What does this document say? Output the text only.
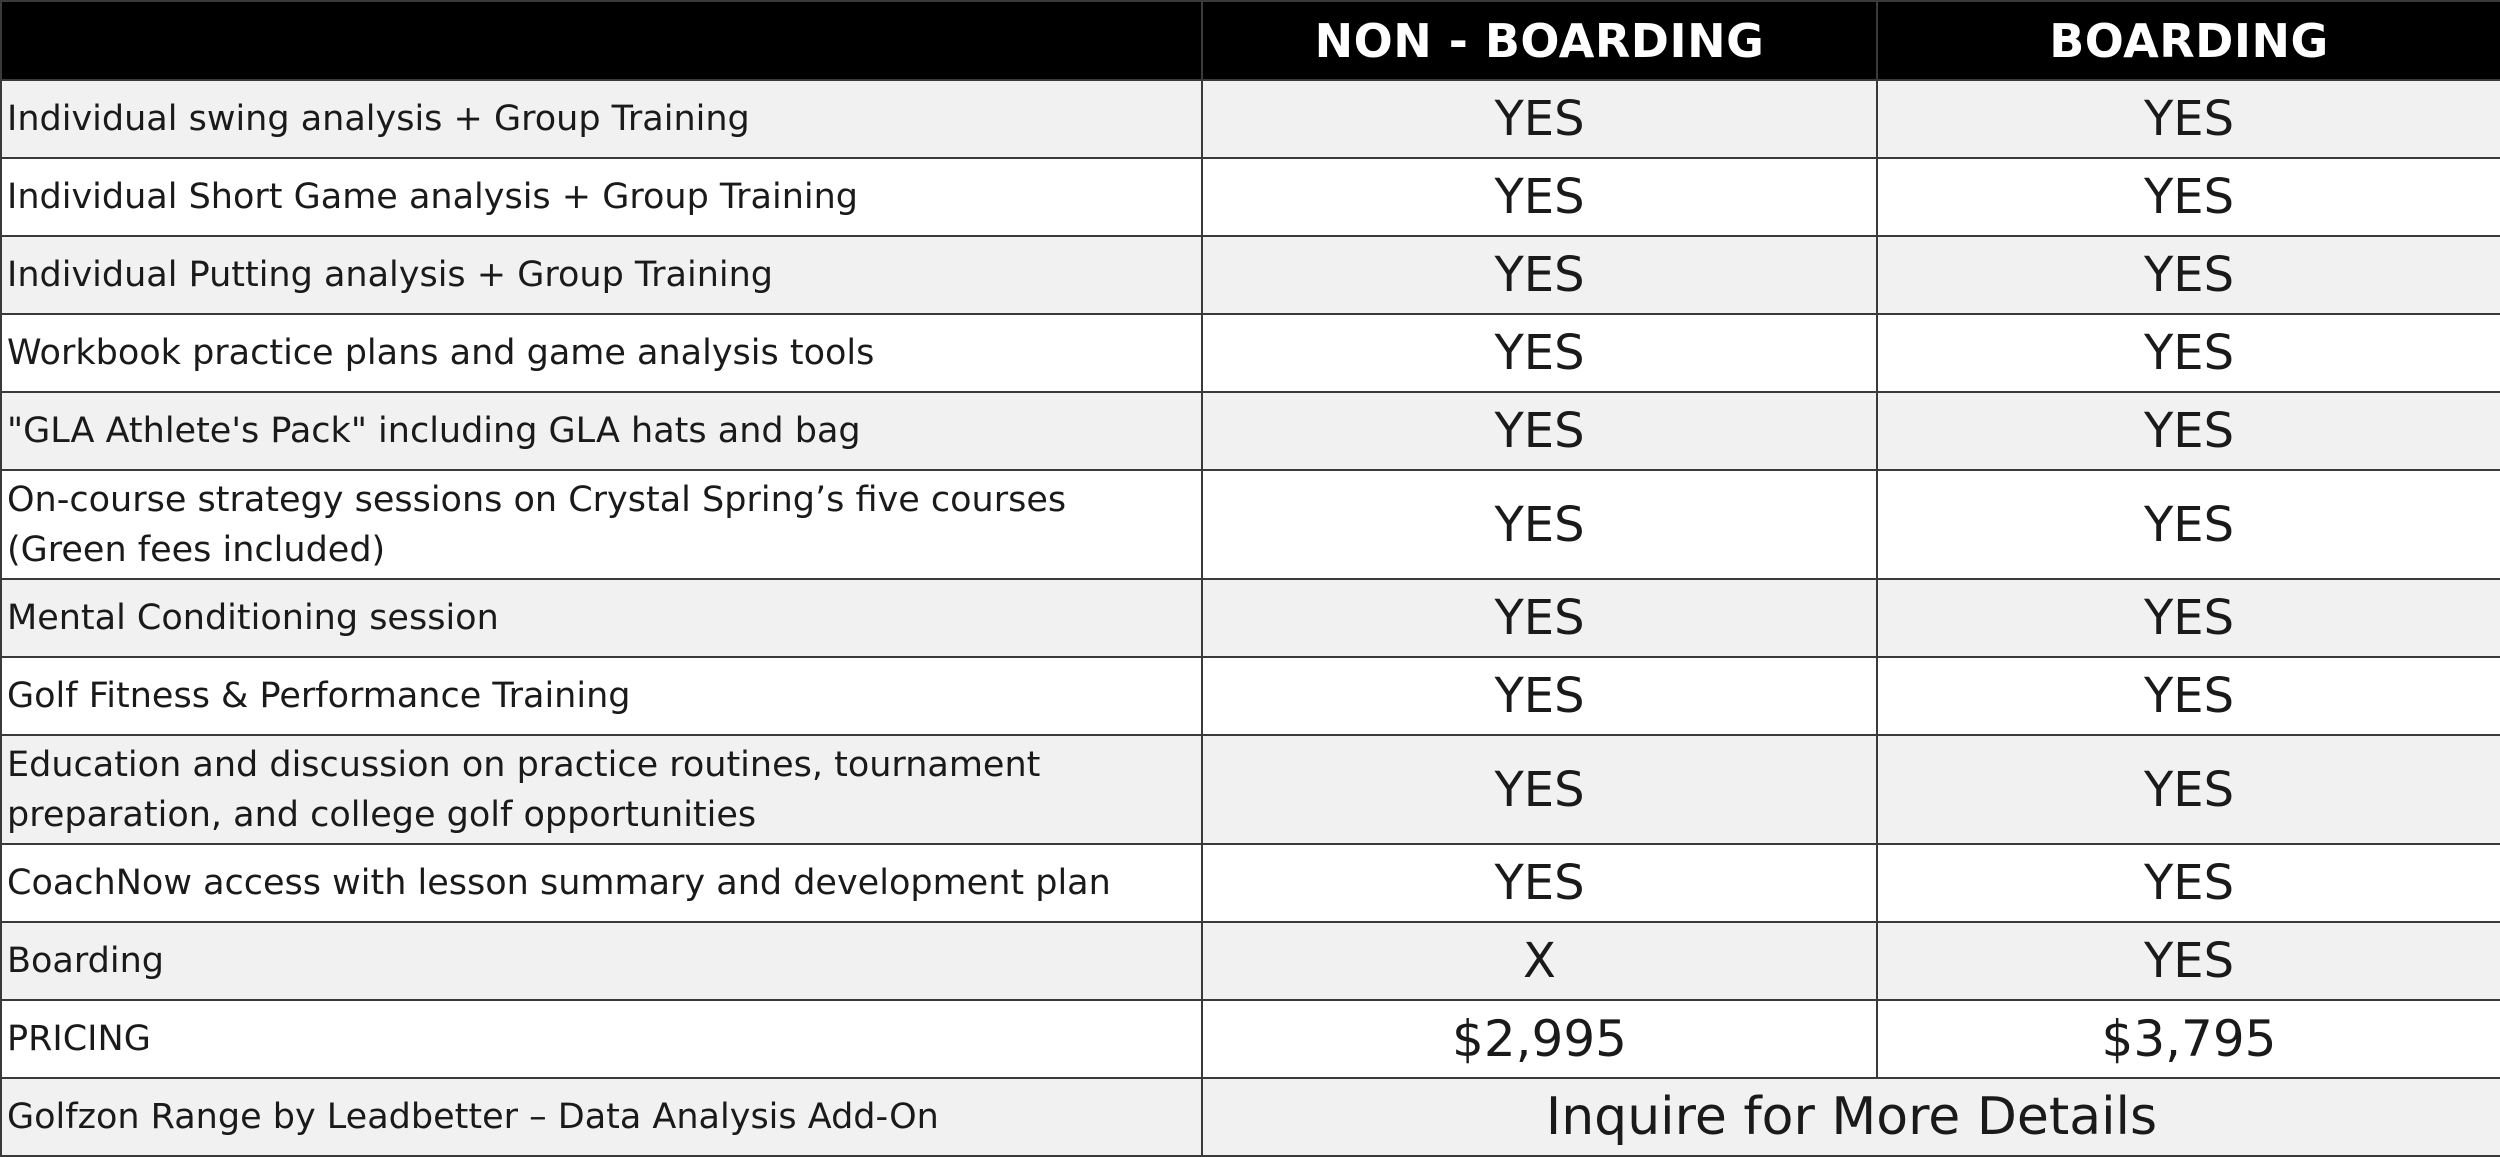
	NON - BOARDING	BOARDING

Individual swing analysis + Group Training	YES	YES

Individual Short Game analysis + Group Training	YES	YES

Individual Putting analysis + Group Training	YES	YES

Workbook practice plans and game analysis tools	YES	YES

"GLA Athlete's Pack" including GLA hats and bag	YES	YES

On-course strategy sessions on Crystal Spring’s five courses
(Green fees included)	YES	YES

Mental Conditioning session	YES	YES

Golf Fitness & Performance Training	YES	YES

Education and discussion on practice routines, tournament
preparation, and college golf opportunities	YES	YES

CoachNow access with lesson summary and development plan	YES	YES

Boarding	X	YES

PRICING	$2,995	$3,795

Golfzon Range by Leadbetter – Data Analysis Add-On	Inquire for More Details	
